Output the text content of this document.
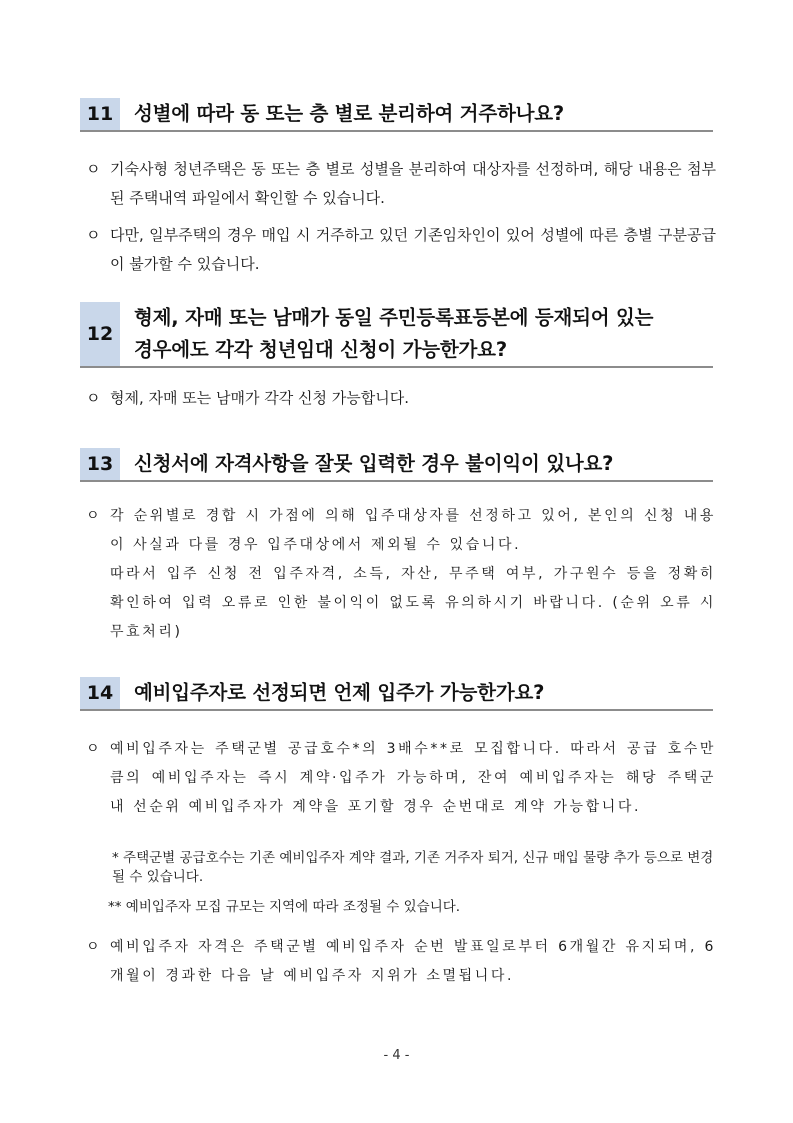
11	성별에 따라 동 또는 층 별로 분리하여 거주하나요?
ㅇ 기숙사형 청년주택은 동 또는 층 별로 성별을 분리하여 대상자를 선정하며, 해당 내용은 첨부된 주택내역 파일에서 확인할 수 있습니다.
ㅇ 다만, 일부주택의 경우 매입 시 거주하고 있던 기존임차인이 있어 성별에 따른 층별 구분공급이 불가할 수 있습니다.
12
형제, 자매 또는 남매가 동일 주민등록표등본에 등재되어 있는
경우에도 각각 청년임대 신청이 가능한가요?
ㅇ 형제, 자매 또는 남매가 각각 신청 가능합니다.
13	신청서에 자격사항을 잘못 입력한 경우 불이익이 있나요?
ㅇ 각 순위별로 경합 시 가점에 의해 입주대상자를 선정하고 있어, 본인의 신청 내용이 사실과 다를 경우 입주대상에서 제외될 수 있습니다.
따라서 입주 신청 전 입주자격, 소득, 자산, 무주택 여부, 가구원수 등을 정확히 확인하여 입력 오류로 인한 불이익이 없도록 유의하시기 바랍니다. (순위 오류 시 무효처리)
14	예비입주자로 선정되면 언제 입주가 가능한가요?
ㅇ 예비입주자는 주택군별 공급호수*의 3배수**로 모집합니다. 따라서 공급 호수만큼의 예비입주자는 즉시 계약·입주가 가능하며, 잔여 예비입주자는 해당 주택군 내 선순위 예비입주자가 계약을 포기할 경우 순번대로 계약 가능합니다.
* 주택군별 공급호수는 기존 예비입주자 계약 결과, 기존 거주자 퇴거, 신규 매입 물량 추가 등으로 변경될 수 있습니다.
** 예비입주자 모집 규모는 지역에 따라 조정될 수 있습니다.
ㅇ 예비입주자 자격은 주택군별 예비입주자 순번 발표일로부터 6개월간 유지되며, 6개월이 경과한 다음 날 예비입주자 지위가 소멸됩니다.
- 4 -
